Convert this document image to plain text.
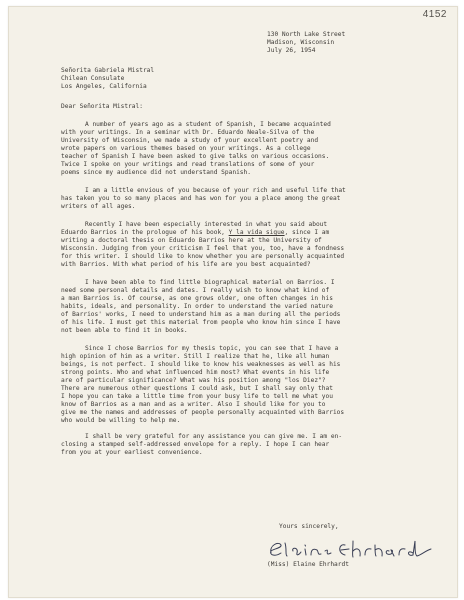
4152
130 North Lake Street
Madison, Wisconsin
July 26, 1954
Señorita Gabriela Mistral
Chilean Consulate
Los Angeles, California
Dear Señorita Mistral:
A number of years ago as a student of Spanish, I became acquainted
with your writings. In a seminar with Dr. Eduardo Neale-Silva of the
University of Wisconsin, we made a study of your excellent poetry and
wrote papers on various themes based on your writings. As a college
teacher of Spanish I have been asked to give talks on various occasions.
Twice I spoke on your writings and read translations of some of your
poems since my audience did not understand Spanish.
I am a little envious of you because of your rich and useful life that
has taken you to so many places and has won for you a place among the great
writers of all ages.
Recently I have been especially interested in what you said about
Eduardo Barrios in the prologue of his book, Y la vida sigue, since I am
writing a doctoral thesis on Eduardo Barrios here at the University of
Wisconsin. Judging from your criticism I feel that you, too, have a fondness
for this writer. I should like to know whether you are personally acquainted
with Barrios. With what period of his life are you best acquainted?
I have been able to find little biographical material on Barrios. I
need some personal details and dates. I really wish to know what kind of
a man Barrios is. Of course, as one grows older, one often changes in his
habits, ideals, and personality. In order to understand the varied nature
of Barrios' works, I need to understand him as a man during all the periods
of his life. I must get this material from people who know him since I have
not been able to find it in books.
Since I chose Barrios for my thesis topic, you can see that I have a
high opinion of him as a writer. Still I realize that he, like all human
beings, is not perfect. I should like to know his weaknesses as well as his
strong points. Who and what influenced him most? What events in his life
are of particular significance? What was his position among "los Diez"?
There are numerous other questions I could ask, but I shall say only that
I hope you can take a little time from your busy life to tell me what you
know of Barrios as a man and as a writer. Also I should like for you to
give me the names and addresses of people personally acquainted with Barrios
who would be willing to help me.
I shall be very grateful for any assistance you can give me. I am en-
closing a stamped self-addressed envelope for a reply. I hope I can hear
from you at your earliest convenience.
Yours sincerely,
(Miss) Elaine Ehrhardt
